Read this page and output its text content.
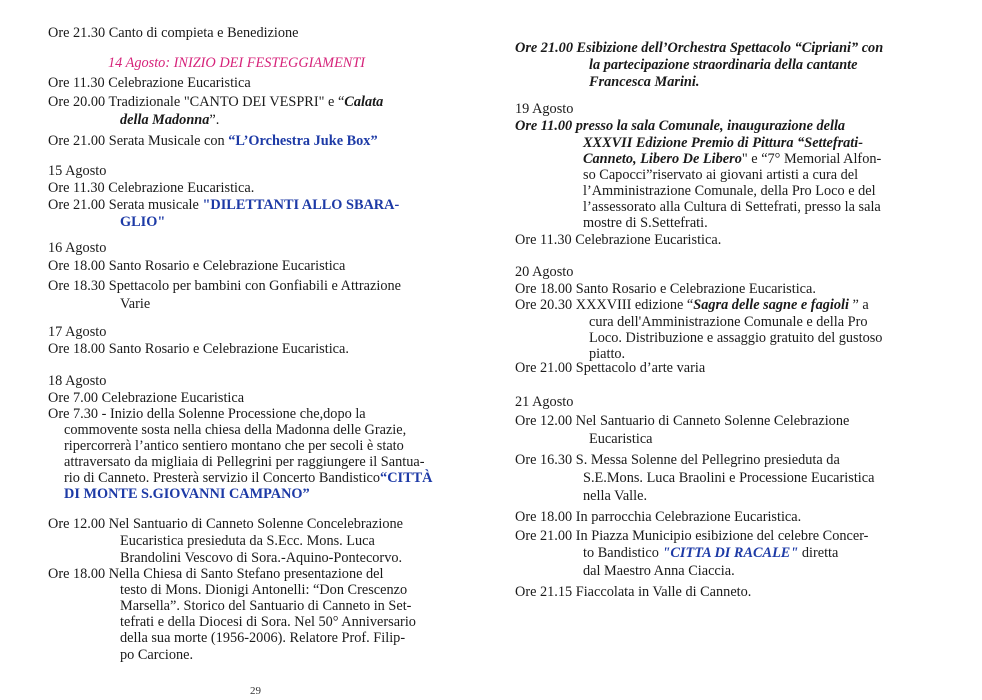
Ore 21.30 Canto di compieta e Benedizione
14 Agosto: INIZIO DEI FESTEGGIAMENTI
Ore 11.30 Celebrazione Eucaristica
Ore 20.00 Tradizionale "CANTO DEI VESPRI" e “Calata
della Madonna”.
Ore 21.00 Serata Musicale con “L’Orchestra Juke Box”
15 Agosto
Ore 11.30 Celebrazione Eucaristica.
Ore 21.00 Serata musicale "DILETTANTI ALLO SBARA-
GLIO"
16 Agosto
Ore 18.00 Santo Rosario e Celebrazione Eucaristica
Ore 18.30 Spettacolo per bambini con Gonfiabili e Attrazione
Varie
17 Agosto
Ore 18.00 Santo Rosario e Celebrazione Eucaristica.
18 Agosto
Ore 7.00 Celebrazione Eucaristica
Ore 7.30 - Inizio della Solenne Processione che,dopo la
commovente sosta nella chiesa della Madonna delle Grazie,
ripercorrerà l’antico sentiero montano che per secoli è stato
attraversato da migliaia di Pellegrini per raggiungere il Santua-
rio di Canneto. Presterà servizio il Concerto Bandistico“CITTÀ
DI MONTE S.GIOVANNI CAMPANO”
Ore 12.00 Nel Santuario di Canneto Solenne Concelebrazione
Eucaristica presieduta da S.Ecc. Mons. Luca
Brandolini Vescovo di Sora.-Aquino-Pontecorvo.
Ore 18.00 Nella Chiesa di Santo Stefano presentazione del
testo di Mons. Dionigi Antonelli: “Don Crescenzo
Marsella”. Storico del Santuario di Canneto in Set-
tefrati e della Diocesi di Sora. Nel 50° Anniversario
della sua morte (1956-2006). Relatore Prof. Filip-
po Carcione.
Ore 21.00 Esibizione dell’Orchestra Spettacolo “Cipriani” con
la partecipazione straordinaria della cantante
Francesca Marini.
19 Agosto
Ore 11.00 presso la sala Comunale, inaugurazione della
XXXVII Edizione Premio di Pittura “Settefrati-
Canneto, Libero De Libero" e “7° Memorial Alfon-
so Capocci”riservato ai giovani artisti a cura del
l’Amministrazione Comunale, della Pro Loco e del
l’assessorato alla Cultura di Settefrati, presso la sala
mostre di S.Settefrati.
Ore 11.30 Celebrazione Eucaristica.
20 Agosto
Ore 18.00 Santo Rosario e Celebrazione Eucaristica.
Ore 20.30 XXXVIII edizione “Sagra delle sagne e fagioli ” a
cura dell'Amministrazione Comunale e della Pro
Loco. Distribuzione e assaggio gratuito del gustoso
piatto.
Ore 21.00 Spettacolo d’arte varia
21 Agosto
Ore 12.00 Nel Santuario di Canneto Solenne Celebrazione
Eucaristica
Ore 16.30 S. Messa Solenne del Pellegrino presieduta da
S.E.Mons. Luca Braolini e Processione Eucaristica
nella Valle.
Ore 18.00 In parrocchia Celebrazione Eucaristica.
Ore 21.00 In Piazza Municipio esibizione del celebre Concer-
to Bandistico "CITTA DI RACALE" diretta
dal Maestro Anna Ciaccia.
Ore 21.15 Fiaccolata in Valle di Canneto.
29
